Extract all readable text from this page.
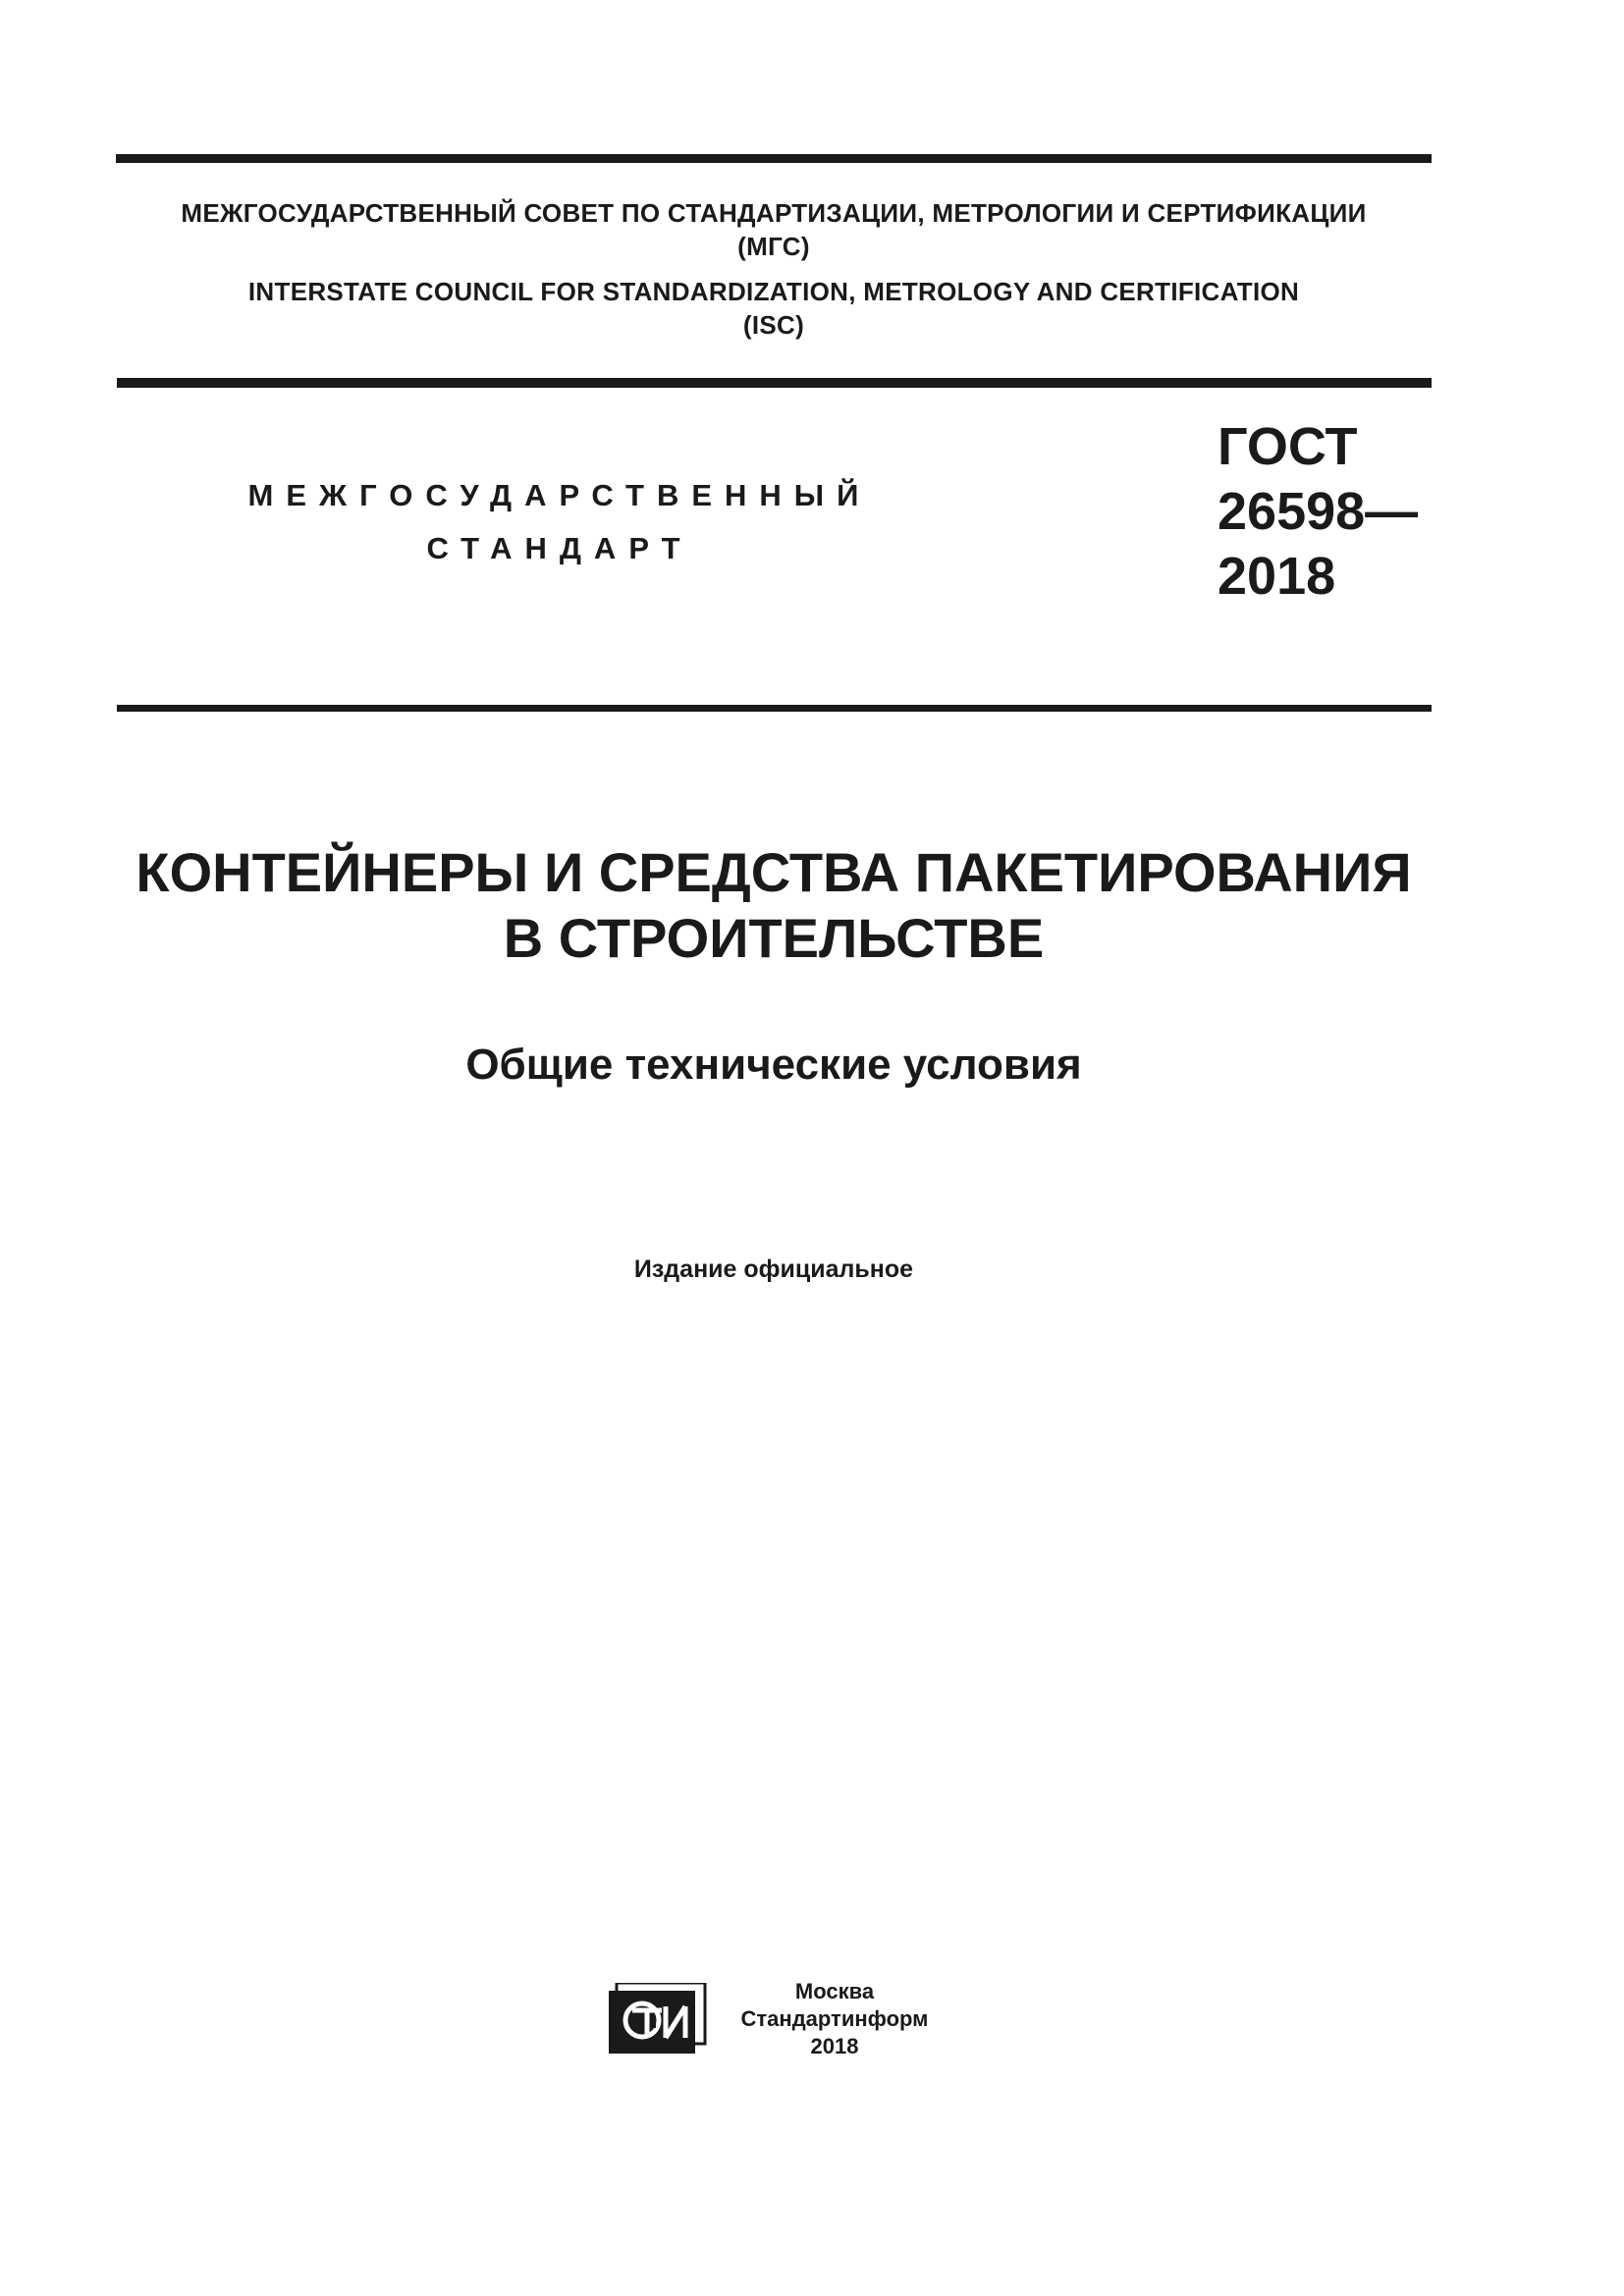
МЕЖГОСУДАРСТВЕННЫЙ СОВЕТ ПО СТАНДАРТИЗАЦИИ, МЕТРОЛОГИИ И СЕРТИФИКАЦИИ
(МГС)
INTERSTATE COUNCIL FOR STANDARDIZATION, METROLOGY AND CERTIFICATION
(ISC)
МЕЖГОСУДАРСТВЕННЫЙ
СТАНДАРТ
ГОСТ
26598—
2018
КОНТЕЙНЕРЫ И СРЕДСТВА ПАКЕТИРОВАНИЯ
В СТРОИТЕЛЬСТВЕ
Общие технические условия
Издание официальное
Москва
Стандартинформ
2018
